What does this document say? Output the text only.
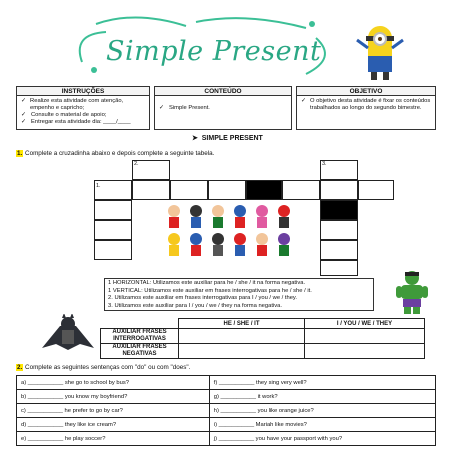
Simple Present
INSTRUÇÕES
✓ Realize esta atividade com atenção, empenho e capricho;
✓ Consulte o material de apoio;
✓ Entregar esta atividade dia: ____/____
CONTEÚDO
✓ Simple Present.
OBJETIVO
✓ O objetivo desta atividade é fixar os conteúdos trabalhados ao longo do segundo bimestre.
➤  SIMPLE PRESENT
1. Complete a cruzadinha abaixo e depois complete a seguinte tabela.
2.	3.
1.
1 HORIZONTAL: Utilizamos este auxiliar para he / she / it na forma negativa.
1 VERTICAL: Utilizamos este auxiliar em frases interrogativas para he / she / it.
2. Utilizamos este auxiliar em frases interrogativas para I / you / we / they.
3. Utilizamos este auxiliar para I / you / we / they na forma negativa.
	HE / SHE / IT	I / YOU / WE / THEY
AUXILIAR FRASES INTERROGATIVAS		
AUXILIAR FRASES NEGATIVAS		
2. Complete as seguintes sentenças com "do" ou com "does".
a) ___________ she go to school by bus?	f) ___________ they sing very well?
b) ___________ you know my boyfriend?	g) ___________ it work?
c) ___________ he prefer to go by car?	h) ___________ you like orange juice?
d) ___________ they like ice cream?	i) ___________ Mariah like movies?
e) ___________ he play soccer?	j) ___________ you have your passport with you?
